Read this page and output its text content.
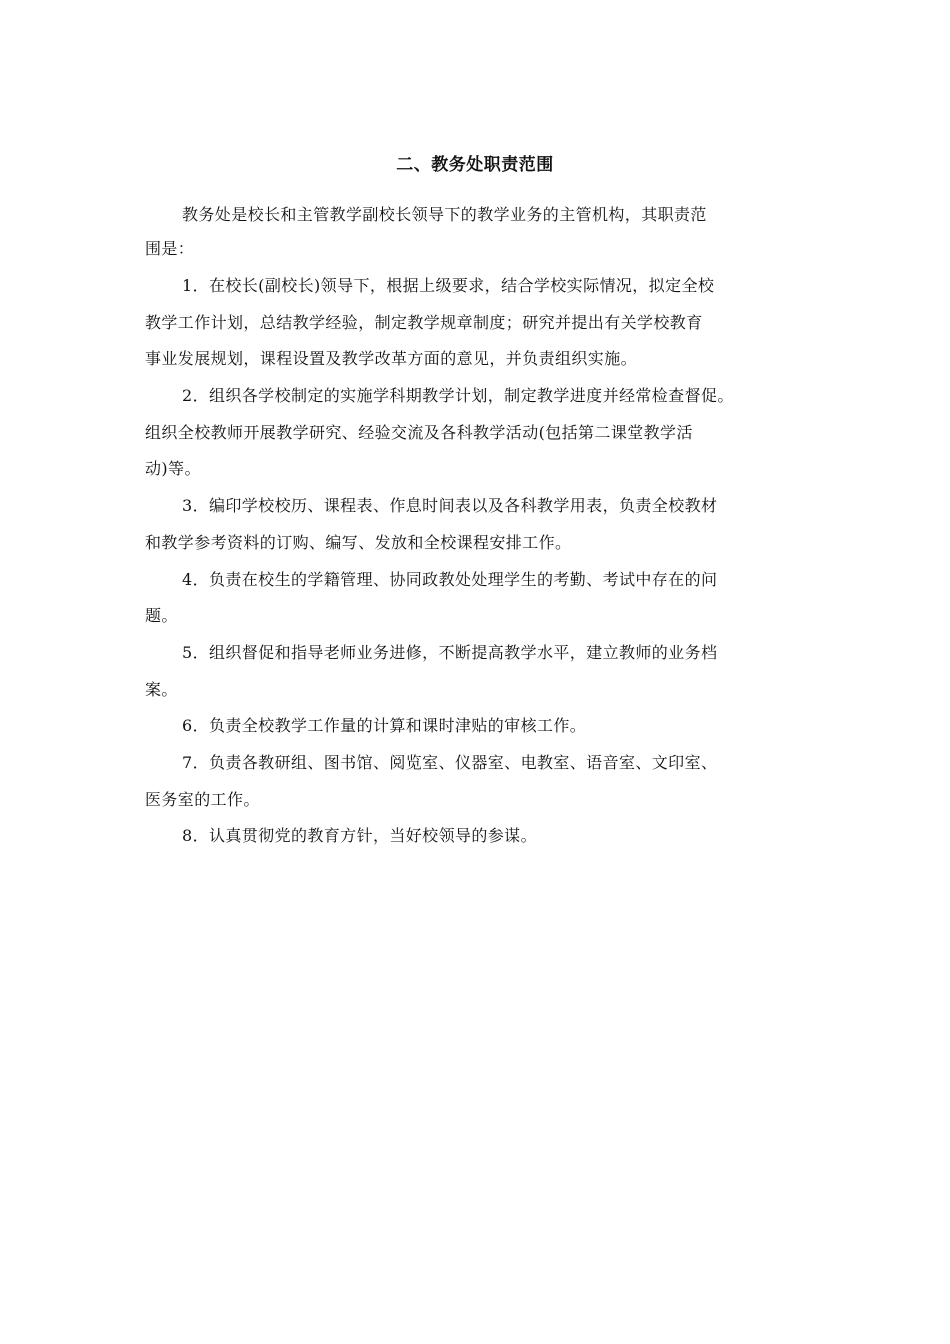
二、教务处职责范围
教务处是校长和主管教学副校长领导下的教学业务的主管机构，其职责范
围是：
1．在校长(副校长)领导下，根据上级要求，结合学校实际情况，拟定全校
教学工作计划，总结教学经验，制定教学规章制度；研究并提出有关学校教育
事业发展规划，课程设置及教学改革方面的意见，并负责组织实施。
2．组织各学校制定的实施学科期教学计划，制定教学进度并经常检查督促。
组织全校教师开展教学研究、经验交流及各科教学活动(包括第二课堂教学活
动)等。
3．编印学校校历、课程表、作息时间表以及各科教学用表，负责全校教材
和教学参考资料的订购、编写、发放和全校课程安排工作。
4．负责在校生的学籍管理、协同政教处处理学生的考勤、考试中存在的问
题。
5．组织督促和指导老师业务进修，不断提高教学水平，建立教师的业务档
案。
6．负责全校教学工作量的计算和课时津贴的审核工作。
7．负责各教研组、图书馆、阅览室、仪器室、电教室、语音室、文印室、
医务室的工作。
8．认真贯彻党的教育方针，当好校领导的参谋。
